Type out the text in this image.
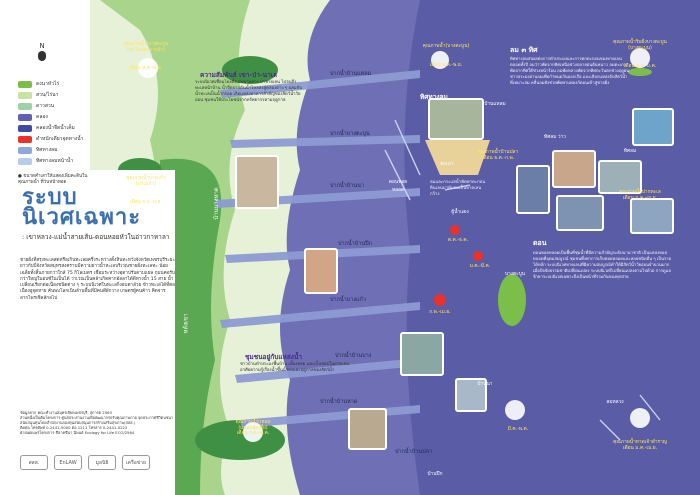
N
ดงนาหัวไร่
สวน/ไร่นา
ดาวสวน
คลอง
คลองน้ำจืดน้ำเค็ม
ดำหนักเดียวจุดทางน้ำ
ทิศทางลม
ทิศทางลมหน้าน้ำ
● ขนาดคำเสาให้แสดงเพิ่มคะดินในคุณภาพน้ำ ที่วันหน้าทอด
ระบบ
นิเวศเฉพาะ
: เขาหลวง-แม่น้ำสายเส้น-ดอนหอยหัวในอ่าวกาหาลา
ชายฝั่งที่สรุงทะเลสดหรือเกินทะเลยครึ่งระหว่างตั้งหินทะหวังจังหวัดเพชรบุรีระยะยาวกับปี่จังหวัดสมุทรสงครามมีความยาวน้ำทะเลบริเวณชายฝั่งทะเลทะ น้อยเฉลี่ยทั้งสิ้นภายกว่าใกล้ 75 กิโลเมตร เชื่อมระหว่างอุดาปรับดาบแยล กุมนคอรับกว่าใหญ่ในอบซ์ในเป็นได้ ว่าเวณเป็นคล้าเกิดคากอัลลาได้ดีทางน้ำ 15 สาย น้ำเปลี่ยนเรียกต่อเนื่องชนิดต่าง ๆ ระบบนิเวศในทะเลกิ่งอบคาล้วย ข้าวทะเลได้ที่ต่อเนื่องอูจุดหาย ค้นพบโลกเนินล้านพื้นที่มีคนดีผักวาง เกษตรผู้คนค้าว คิดจาร ลากไพรเซิลลักลไป
ข้อมูลจาก คณะทำงานสมุทรเลียดเพชรบุรี, สุการต 2563
ส่วนหนึ่งเป็นคิ่มโครงการ ศูนย์ประสานงานเพื่อพัฒนากรปรับคุณภาพภาย จุดประกาศชีวิตนชนา
สนับสนุนทุนโดยสำนักงานกองทุนสนับสนุนการสร้างเสริมสุขภาพ(สสส.)
ติดต่อ โทรศัพท์ 0-2441-5000 ต่อ 1211 โทรสาร 0-2441-0222
ฝ่ายเผยแพร่โครงการ ชีลาคชีนา นิพนธ์ Ecology for Life ECO/2564
สสส.	EnLAW	มูลนิธิ	เครือข่าย
ปากน้ำบ้านแหลม
ปากน้ำบางตะบูน
ปากน้ำบ้านนา
ปากน้ำบ้านปึก
ปากน้ำบางแก้ว
ปากน้ำบ้านบาง
ปากน้ำบ้านหาด
ปากน้ำบ้านปลา
คุณภาพน้ำ/บางตะบูน
(ตะวันออกบางบัว)
เดือน ส.ค.-พ.ย.
คุณภาพน้ำบางแก้ว
(บางแก้ว)
เดือน ก.ย.-พ.ย.
คุณภาพน้ำแหลม
(แหลมผักเบี้ย)
เดือน ก.ค.-ต.ค.
คุณภาพน้ำริมฝั่งบางตะบูน
(บางตะบูน)
เดือน พ.ย.-ม.ค.
คุณภาพน้ำ(บางตะบูน)
เดือน ส.ค.-พ.ย.
คุณภาพน้ำบ้านปลา
เดือน ธ.ค.-ก.พ.
คุณภาพน้ำปากทะเล
เดือน ม.ค.-เม.ย.
คุณภาพน้ำหาดเจ้าสำราญ
เดือน ม.ค.-เม.ย.
ความสัมพันธ์ เขา-ป่า-นาเล
ระบบนิเวศเชื่อมโยงตั้งแต่เขาหลวง ป่าชายเลน ไปจนถึงทะเลหน้าบ้าน น้ำจืดจากต้นน้ำไหลลงสู่คลองต่าง ๆ ผสมกับน้ำทะเลเป็นน้ำกร่อย เกิดแหล่งอาหารสำคัญของสัตว์น้ำวัยอ่อน ชุมชนใช้ประโยชน์จากทรัพยากรตามฤดูกาล	ทิศทางลม
ลมและกระแสน้ำพัดพาตะกอนดินเลนมาทับถมเป็นหาดเลนกว้าง
ชุมชนอยู่กับแหล่งน้ำ
ชาวบ้านทำประมงพื้นบ้าน เลี้ยงหอย และเก็บหอยในหาดเลน อาศัยความรู้เรื่องน้ำขึ้นน้ำลงและฤดูกาลของสัตว์น้ำ
ลม ๓ ทิศ
ทิศทางลมส่งผลต่อการทำประมงและการตกตะกอนของหาดเลนตลอดทั้งปี ลมว่าวพัดจากทิศเหนือช่วงปลายฝนต้นหนาว ลมตะเภาพัดจากทิศใต้ช่วงหน้าร้อน ลมพัดหลวงพัดจากทิศตะวันตกช่วงฤดูฝน ชาวประมงอ่านลมเพื่อกำหนดวันออกเรือ และเลือกแหล่งจับสัตว์น้ำที่เหมาะสม คลื่นลมยังช่วยพัดพาแพลงก์ตอนเข้าสู่ชายฝั่ง
ดอน
ดอนหอยหลอดเป็นพื้นที่ชุ่มน้ำที่มีความสำคัญระดับนานาชาติ เป็นแหล่งหอยหลอดที่อุดมสมบูรณ์ ชุมชนพึ่งพาการเก็บหอยหลอดและหอยชนิดอื่น ๆ เป็นรายได้หลัก ระบบนิเวศหาดเลนที่มีความสมบูรณ์ทำให้มีสัตว์น้ำวัยอ่อนจำนวนมาก เมื่อปัจจัยธรรมชาติเปลี่ยนแปลง ระบบนิเวศก็เปลี่ยนแปลงตามไปด้วย การดูแลรักษาระบบนิเวศเฉพาะจึงเป็นหน้าที่ร่วมกันของทุกฝ่าย
ทิศลม ว่าว
ทิศลม
ตะเภา
ลมหลวง
ต.ค.-ธ.ค.
ม.ค.-มี.ค.
ก.พ.-เม.ย.
มี.ค.-พ.ค.
ผู้น้ำแดง
ดอนหอยหลอด
บ้านบางหาด
หลังเขา
บ้านแหลม
บ้านนา
บางตะบูน
บ้านปึก
